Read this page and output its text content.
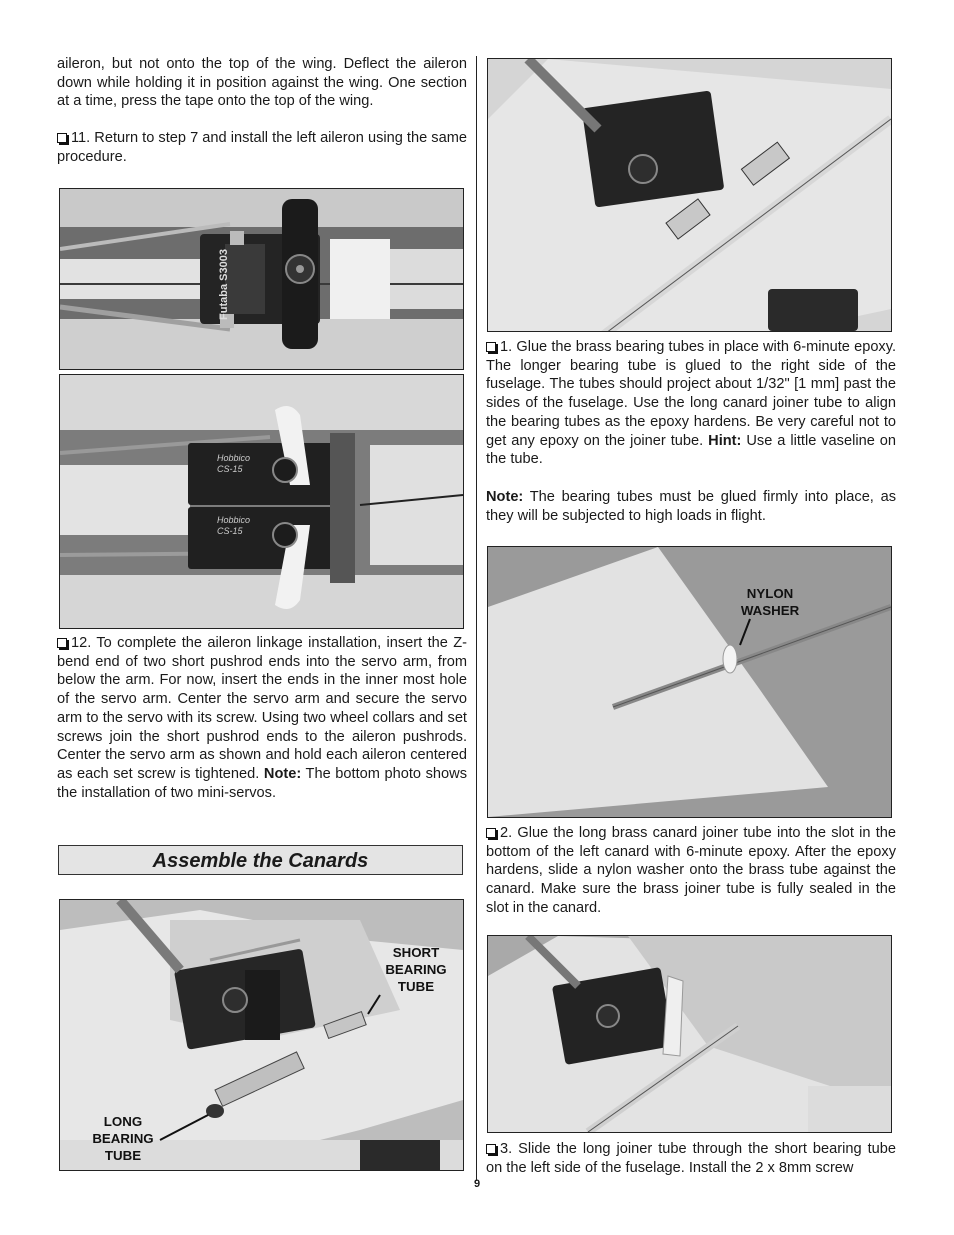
aileron, but not onto the top of the wing. Deflect the aileron down while holding it in position against the wing. One section at a time, press the tape onto the top of the wing.

11. Return to step 7 and install the left aileron using the same procedure.

Futaba S3003
Hobbico
CS-15
Hobbico
CS-15

12. To complete the aileron linkage installation, insert the Z-bend end of two short pushrod ends into the servo arm, from below the arm. For now, insert the ends in the inner most hole of the servo arm. Center the servo arm and secure the servo arm to the servo with its screw. Using two wheel collars and set screws join the short pushrod ends to the aileron pushrods. Center the servo arm as shown and hold each aileron centered as each set screw is tightened. Note: The bottom photo shows the installation of two mini-servos.

Assemble the Canards
SHORT BEARING TUBE
LONG BEARING TUBE

1. Glue the brass bearing tubes in place with 6-minute epoxy. The longer bearing tube is glued to the right side of the fuselage. The tubes should project about 1/32" [1 mm] past the sides of the fuselage. Use the long canard joiner tube to align the bearing tubes as the epoxy hardens. Be very careful not to get any epoxy on the joiner tube. Hint: Use a little vaseline on the tube.

Note: The bearing tubes must be glued firmly into place, as they will be subjected to high loads in flight.

NYLON WASHER

2. Glue the long brass canard joiner tube into the slot in the bottom of the left canard with 6-minute epoxy. After the epoxy hardens, slide a nylon washer onto the brass tube against the canard. Make sure the brass joiner tube is fully sealed in the slot in the canard.

3. Slide the long joiner tube through the short bearing tube on the left side of the fuselage. Install the 2 x 8mm screw

9
